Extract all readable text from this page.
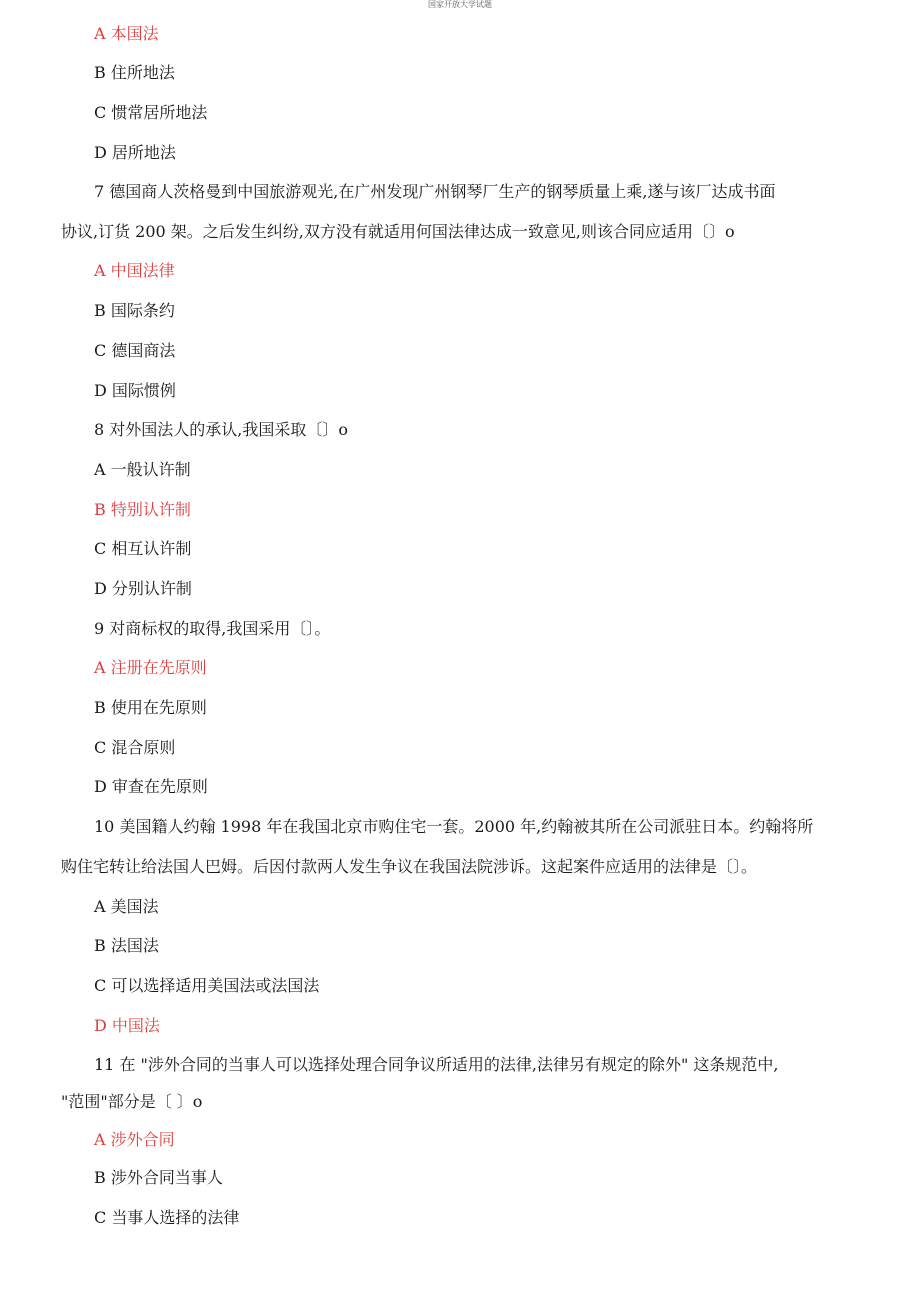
国家开放大学试题
A 本国法
B 住所地法
C 惯常居所地法
D 居所地法
7 德国商人茨格曼到中国旅游观光,在广州发现广州钢琴厂生产的钢琴质量上乘,遂与该厂达成书面
协议,订货 200 架。之后发生纠纷,双方没有就适用何国法律达成一致意见,则该合同应适用〔〕o
A 中国法律
B 国际条约
C 德国商法
D 国际惯例
8 对外国法人的承认,我国采取〔〕o
A 一般认许制
B 特别认许制
C 相互认许制
D 分别认许制
9 对商标权的取得,我国采用〔〕。
A 注册在先原则
B 使用在先原则
C 混合原则
D 审查在先原则
10 美国籍人约翰 1998 年在我国北京市购住宅一套。2000 年,约翰被其所在公司派驻日本。约翰将所
购住宅转让给法国人巴姆。后因付款两人发生争议在我国法院涉诉。这起案件应适用的法律是〔〕。
A 美国法
B 法国法
C 可以选择适用美国法或法国法
D 中国法
11 在 "涉外合同的当事人可以选择处理合同争议所适用的法律,法律另有规定的除外" 这条规范中,
"范围"部分是〔 〕o
A 涉外合同
B 涉外合同当事人
C 当事人选择的法律
